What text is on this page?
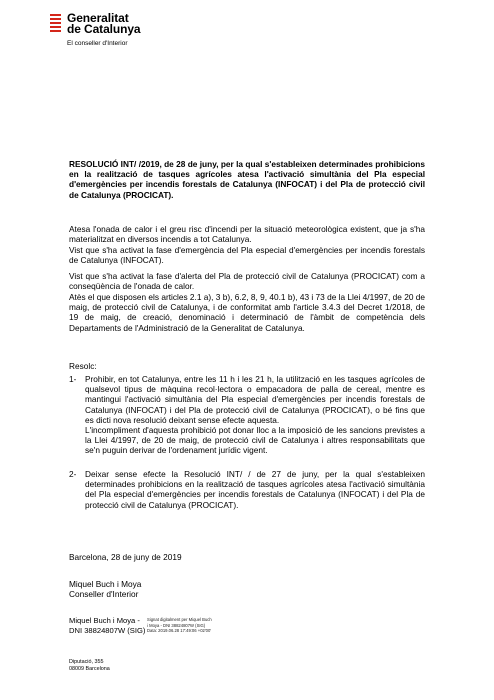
Generalitat
de Catalunya
El conseller d'Interior
RESOLUCIÓ INT/ /2019, de 28 de juny, per la qual s'estableixen determinades prohibicions en la realització de tasques agrícoles atesa l'activació simultània del Pla especial d'emergències per incendis forestals de Catalunya (INFOCAT) i del Pla de protecció civil de Catalunya (PROCICAT).
Atesa l'onada de calor i el greu risc d'incendi per la situació meteorològica existent, que ja s'ha materialitzat en diversos incendis a tot Catalunya.
Vist que s'ha activat la fase d'emergència del Pla especial d'emergències per incendis forestals de Catalunya (INFOCAT).
Vist que s'ha activat la fase d'alerta del Pla de protecció civil de Catalunya (PROCICAT) com a conseqüència de l'onada de calor.
Atès el que disposen els articles 2.1 a), 3 b), 6.2, 8, 9, 40.1 b), 43 i 73 de la Llei 4/1997, de 20 de maig, de protecció civil de Catalunya, i de conformitat amb l'article 3.4.3 del Decret 1/2018, de 19 de maig, de creació, denominació i determinació de l'àmbit de competència dels Departaments de l'Administració de la Generalitat de Catalunya.
Resolc:
1-	Prohibir, en tot Catalunya, entre les 11 h i les 21 h, la utilització en les tasques agrícoles de qualsevol tipus de màquina recol·lectora o empacadora de palla de cereal, mentre es mantingui l'activació simultània del Pla especial d'emergències per incendis forestals de Catalunya (INFOCAT) i del Pla de protecció civil de Catalunya (PROCICAT), o bé fins que es dicti nova resolució deixant sense efecte aquesta.
L'incompliment d'aquesta prohibició pot donar lloc a la imposició de les sancions previstes a la Llei 4/1997, de 20 de maig, de protecció civil de Catalunya i altres responsabilitats que se'n puguin derivar de l'ordenament jurídic vigent.
2-	Deixar sense efecte la Resolució INT/ / de 27 de juny, per la qual s'estableixen determinades prohibicions en la realització de tasques agrícoles atesa l'activació simultània del Pla especial d'emergències per incendis forestals de Catalunya (INFOCAT) i del Pla de protecció civil de Catalunya (PROCICAT).
Barcelona, 28 de juny de 2019
Miquel Buch i Moya
Conseller d'Interior
Miquel Buch i Moya -
DNI 38824807W (SIG)
Signat digitalment per Miquel Buch
i Moya - DNI 38824807W (SIG)
Data: 2019.06.28 17:49:06 +02'00'
Diputació, 355
08009 Barcelona
